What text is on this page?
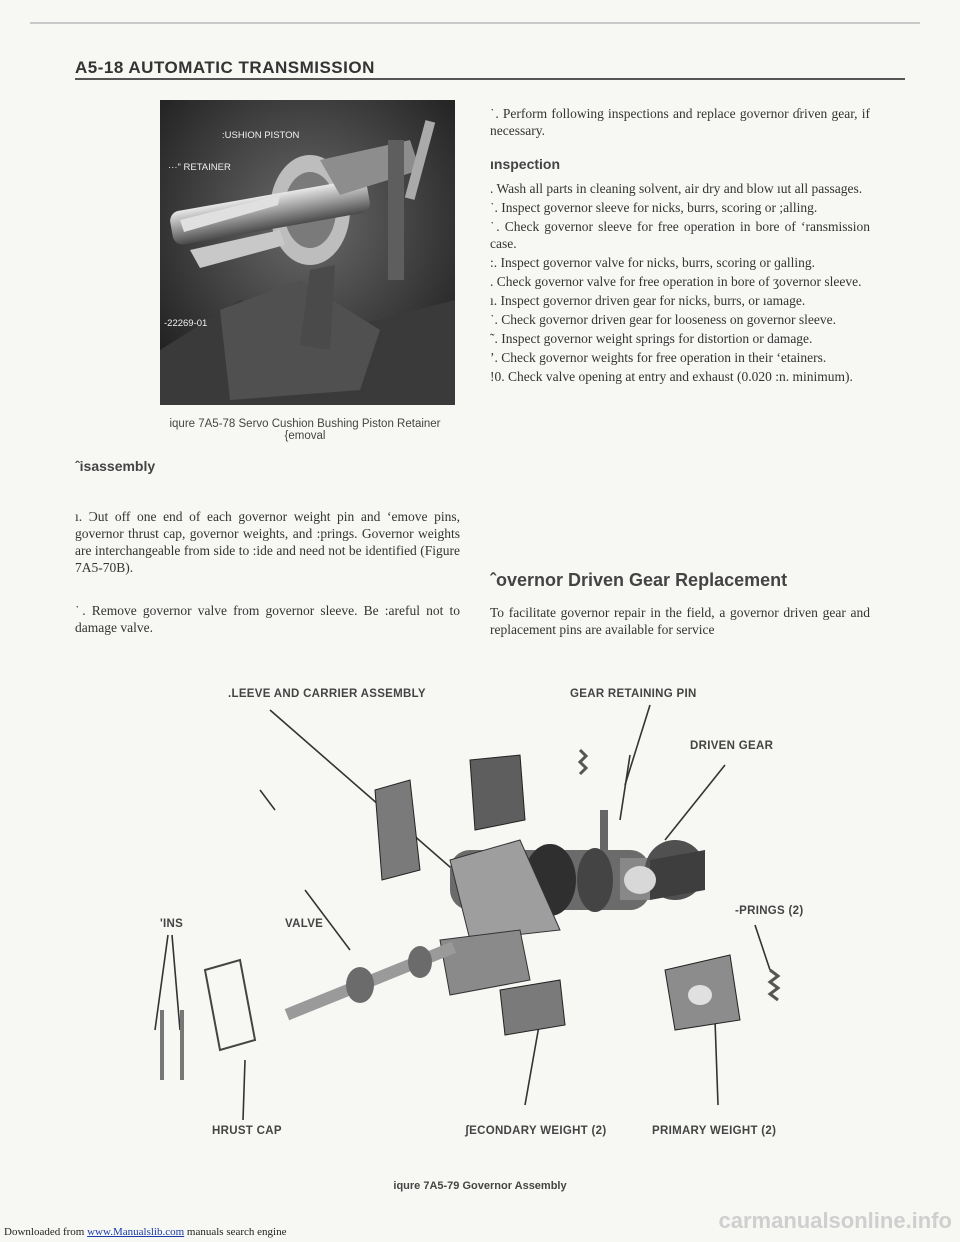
A5-18 AUTOMATIC TRANSMISSION
:USHION PISTON
···" RETAINER
-22269-01
iqure 7A5-78 Servo Cushion Bushing Piston Retainer
{emoval
ˆisassembly
ı. Ɔut off one end of each governor weight pin and ‘emove pins, governor thrust cap, governor weights, and :prings. Governor weights are interchangeable from side to :ide and need not be identified (Figure 7A5-70B).
˙. Remove governor valve from governor sleeve. Be :areful not to damage valve.
˙. Perform following inspections and replace governor ɗriven gear, if necessary.
ınspection
. Wash all parts in cleaning solvent, air dry and blow ıut all passages.
˙. Inspect governor sleeve for nicks, burrs, scoring or ;alling.
˙. Check governor sleeve for free operation in bore of ‘ransmission case.
:. Inspect governor valve for nicks, burrs, scoring or ɡalling.
. Check governor valve for free operation in bore of ʒovernor sleeve.
ı. Inspect governor driven gear for nicks, burrs, or ıamage.
˙. Check governor driven gear for looseness on governor sleeve.
˜. Inspect governor weight springs for distortion or damage.
ʼ. Check governor weights for free operation in their ‘etainers.
!0. Check valve opening at entry and exhaust (0.020 :n. minimum).
ˆovernor Driven Gear Replacement
To facilitate governor repair in the field, a governor driven gear and replacement pins are available for service
.LEEVE AND CARRIER ASSEMBLY	GEAR RETAINING PIN
DRIVEN GEAR
-PRINGS (2)
'INS	VALVE
HRUST CAP	ʃECONDARY WEIGHT (2)	PRIMARY WEIGHT (2)
iqure 7A5-79 Governor Assembly
carmanualsonline.info
Downloaded from www.Manualslib.com manuals search engine
